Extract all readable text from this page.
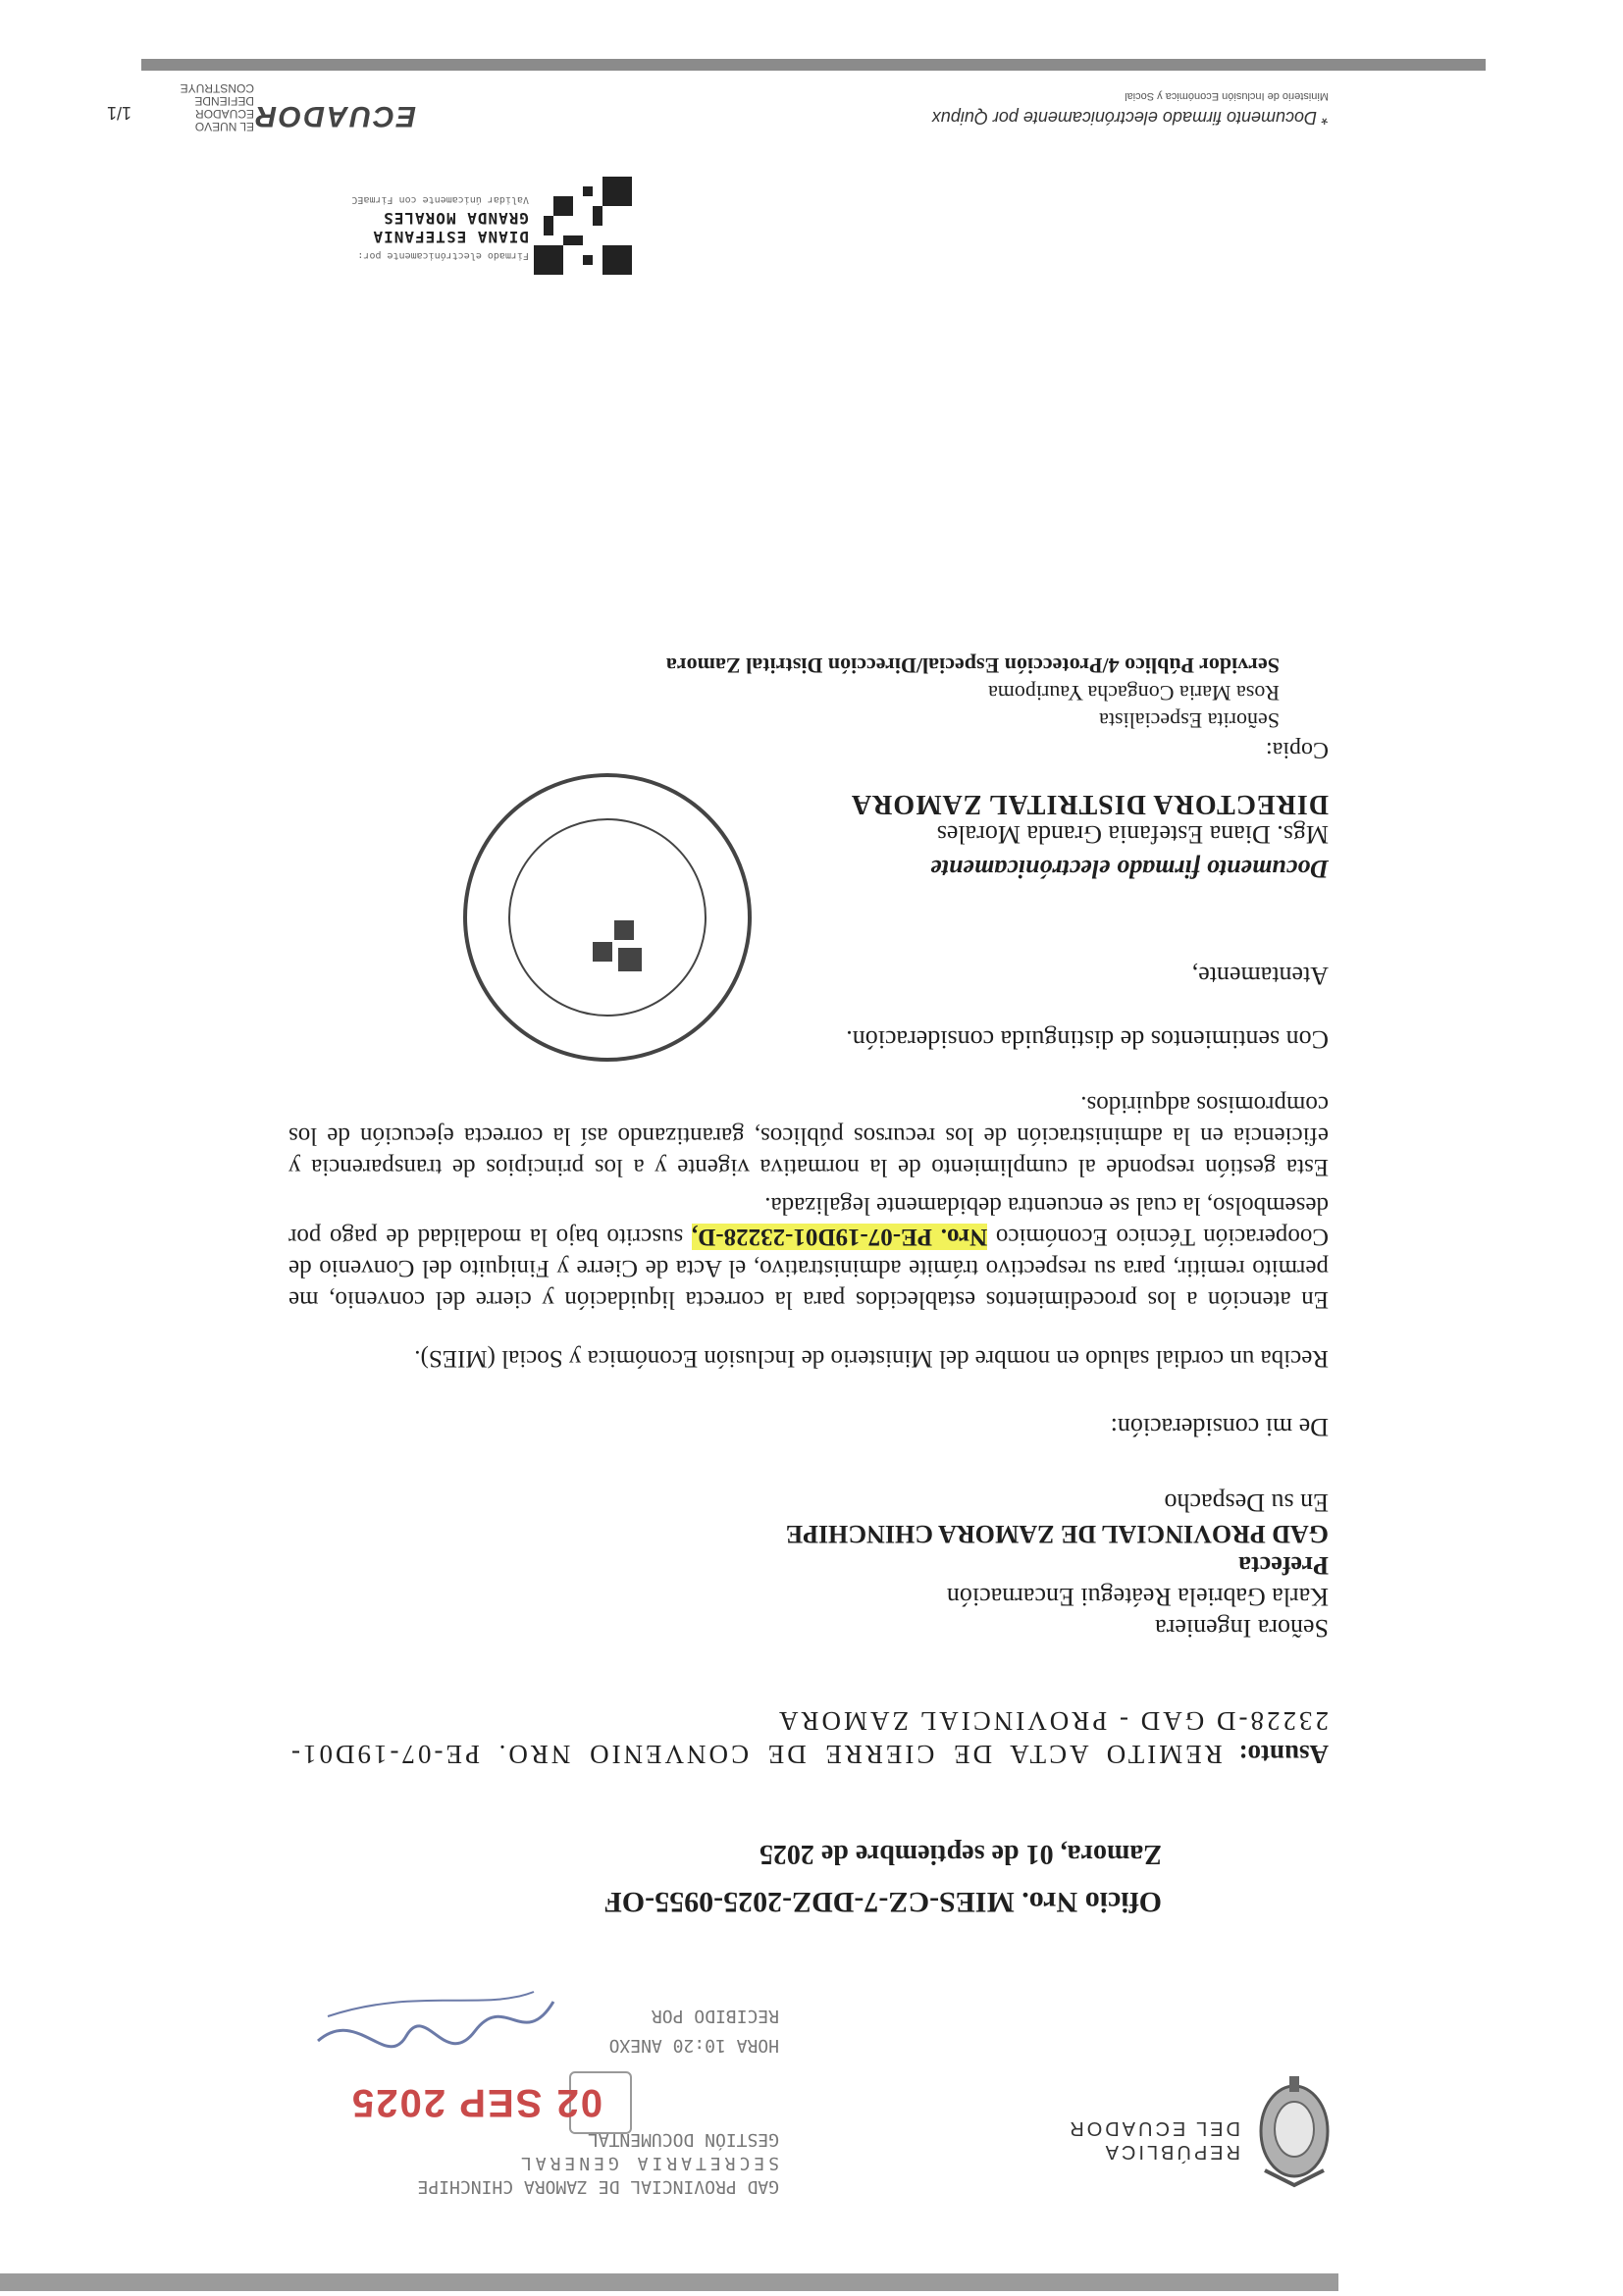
REPÚBLICA
DEL ECUADOR
GAD PROVINCIAL DE ZAMORA CHINCHIPE
SECRETARIA GENERAL
GESTIÓN DOCUMENTAL
02 SEP 2025
HORA 10:20 ANEXO
RECIBIDO POR
Oficio Nro. MIES-CZ-7-DDZ-2025-0955-OF
Zamora, 01 de septiembre de 2025
Asunto: REMITO ACTA DE CIERRE DE CONVENIO NRO. PE-07-19D01-23228-D GAD - PROVINCIAL ZAMORA
Señora Ingeniera
Karla Gabriela Reátegui Encarnación
Prefecta
GAD PROVINCIAL DE ZAMORA CHINCHIPE
En su Despacho
De mi consideración:
Reciba un cordial saludo en nombre del Ministerio de Inclusión Económica y Social (MIES).
En atención a los procedimientos establecidos para la correcta liquidación y cierre del convenio, me permito remitir, para su respectivo trámite administrativo, el Acta de Cierre y Finiquito del Convenio de Cooperación Técnico Económico Nro. PE-07-19D01-23228-D, suscrito bajo la modalidad de pago por desembolso, la cual se encuentra debidamente legalizada.
Esta gestión responde al cumplimiento de la normativa vigente y a los principios de transparencia y eficiencia en la administración de los recursos públicos, garantizando así la correcta ejecución de los compromisos adquiridos.
Con sentimientos de distinguida consideración.
Atentamente,
Documento firmado electrónicamente
Mgs. Diana Estefania Granda Morales
DIRECTORA DISTRITAL ZAMORA
Copia:
Señorita Especialista
Rosa Maria Congacha Yauripoma
Servidor Público 4/Protección Especial/Dirección Distrital Zamora
Firmado electrónicamente por:
DIANA ESTEFANIA
GRANDA MORALES
Validar únicamente con FirmaEC
* Documento firmado electrónicamente por Quipux
Ministerio de Inclusión Económica y Social
ECUADOR
EL NUEVO ECUADOR DEFIENDE CONSTRUYE
1/1
